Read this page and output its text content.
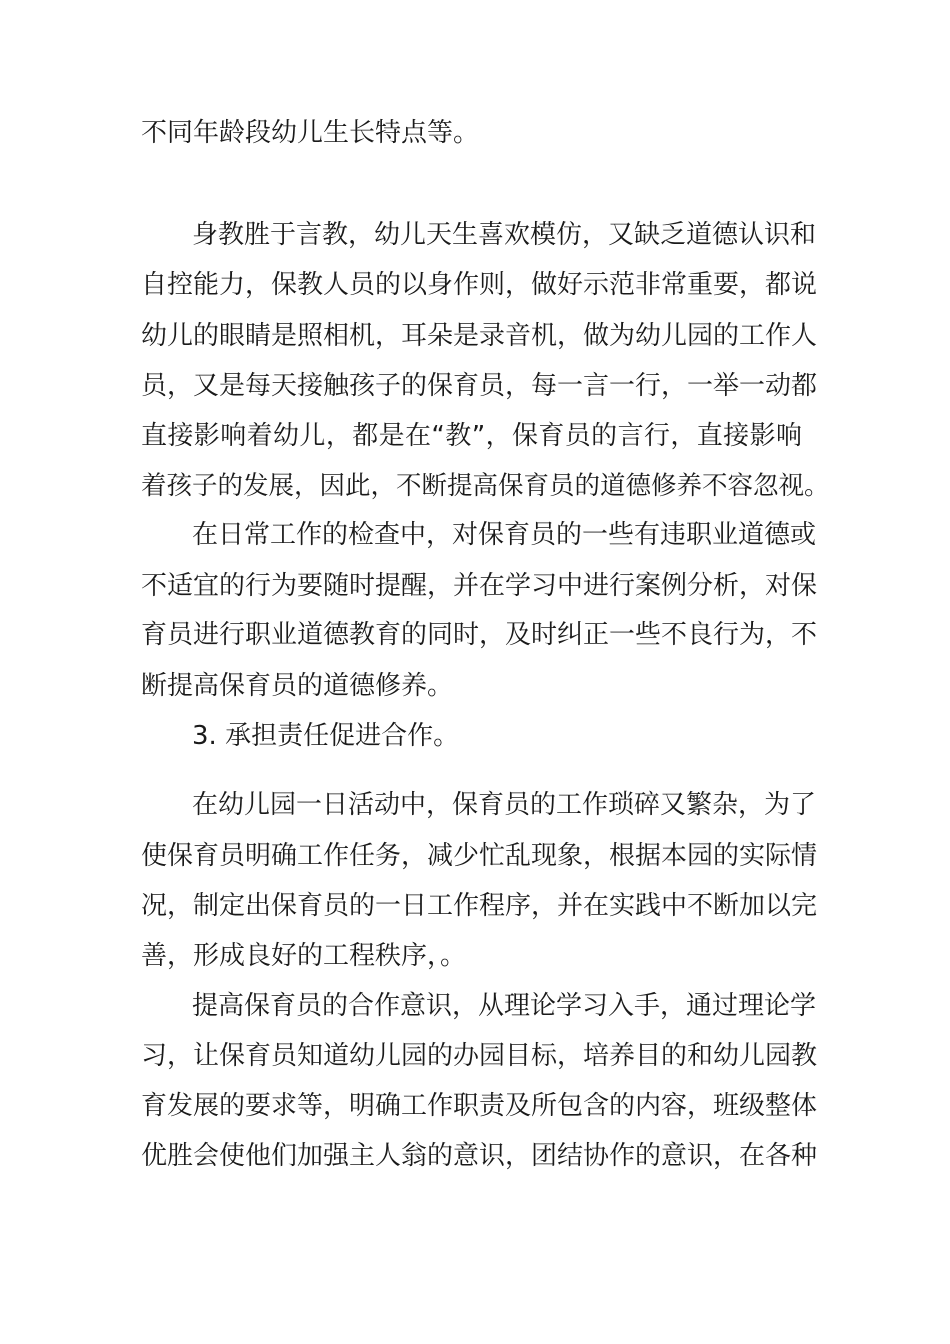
不同年龄段幼儿生长特点等。
身教胜于言教，幼儿天生喜欢模仿，又缺乏道德认识和
自控能力，保教人员的以身作则，做好示范非常重要，都说
幼儿的眼睛是照相机，耳朵是录音机，做为幼儿园的工作人
员，又是每天接触孩子的保育员，每一言一行，一举一动都
直接影响着幼儿，都是在“教”，保育员的言行，直接影响
着孩子的发展，因此，不断提高保育员的道德修养不容忽视。
在日常工作的检查中，对保育员的一些有违职业道德或
不适宜的行为要随时提醒，并在学习中进行案例分析，对保
育员进行职业道德教育的同时，及时纠正一些不良行为，不
断提高保育员的道德修养。
3. 承担责任促进合作。
在幼儿园一日活动中，保育员的工作琐碎又繁杂，为了
使保育员明确工作任务，减少忙乱现象，根据本园的实际情
况，制定出保育员的一日工作程序，并在实践中不断加以完
善，形成良好的工程秩序，。
提高保育员的合作意识，从理论学习入手，通过理论学
习，让保育员知道幼儿园的办园目标，培养目的和幼儿园教
育发展的要求等，明确工作职责及所包含的内容，班级整体
优胜会使他们加强主人翁的意识，团结协作的意识，在各种
